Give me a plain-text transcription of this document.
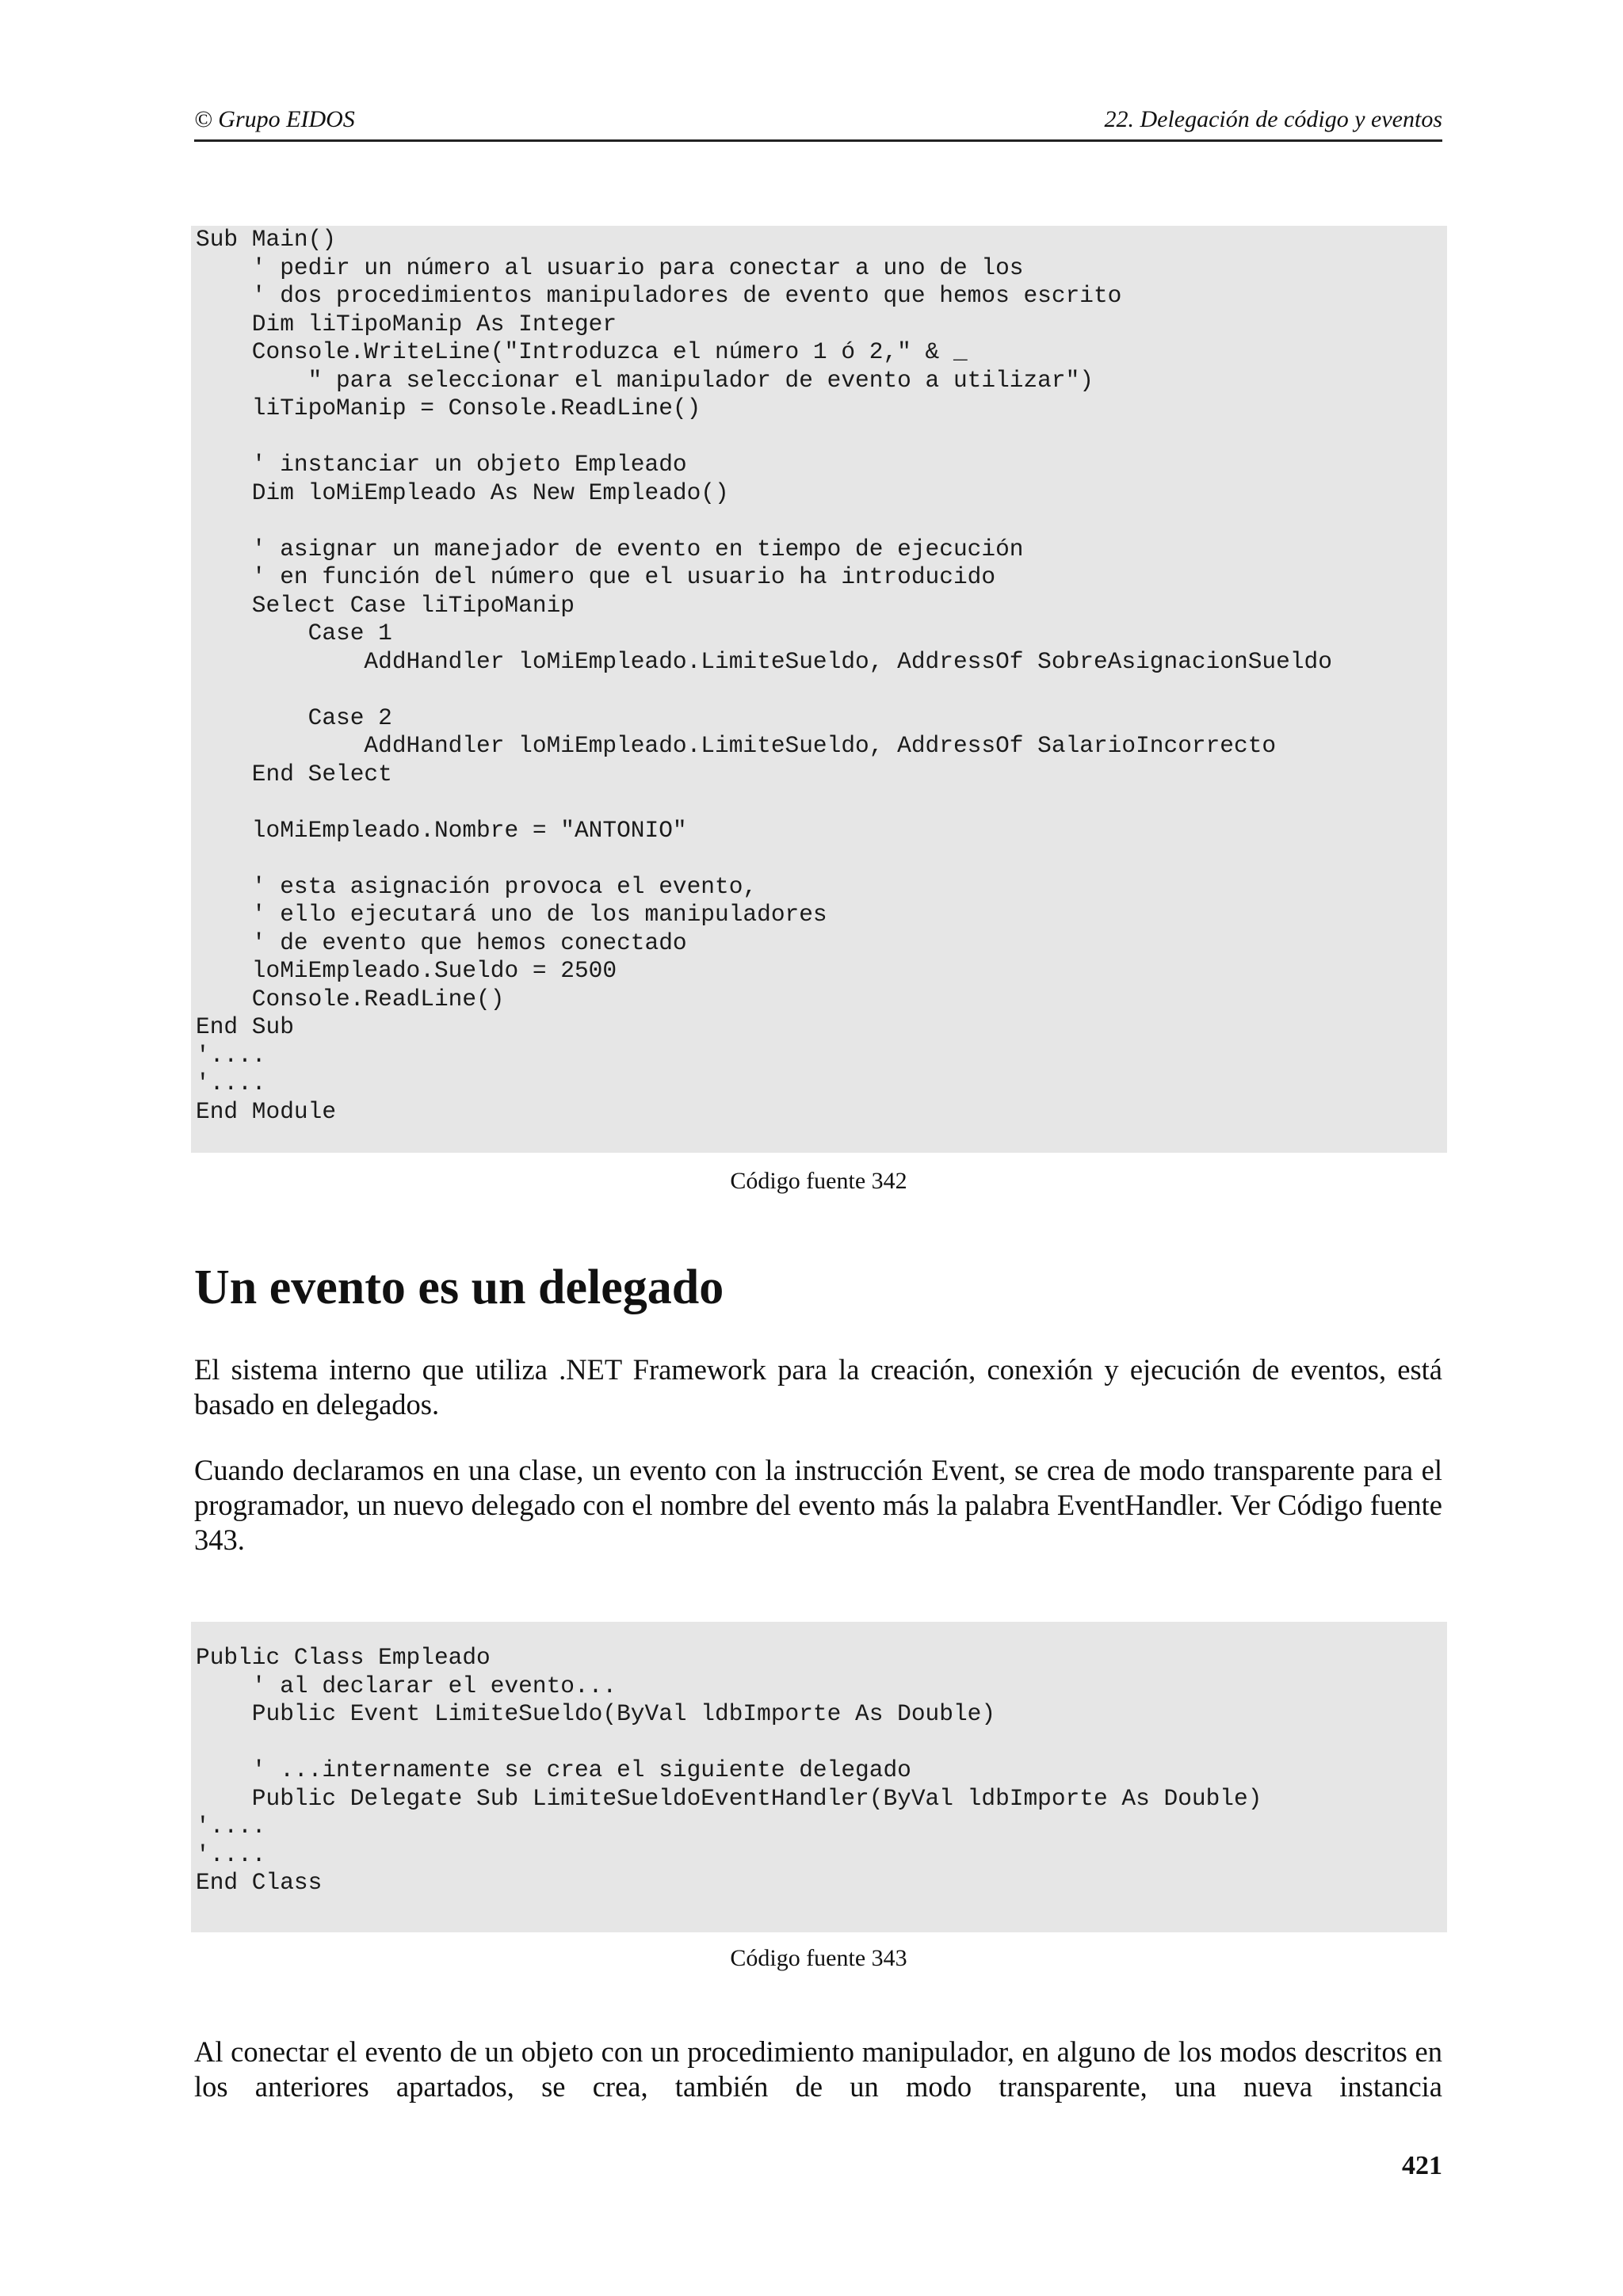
© Grupo EIDOS	22. Delegación de código y eventos
Sub Main()
' pedir un número al usuario para conectar a uno de los
' dos procedimientos manipuladores de evento que hemos escrito
Dim liTipoManip As Integer
Console.WriteLine("Introduzca el número 1 ó 2," & _
" para seleccionar el manipulador de evento a utilizar")
liTipoManip = Console.ReadLine()
' instanciar un objeto Empleado
Dim loMiEmpleado As New Empleado()
' asignar un manejador de evento en tiempo de ejecución
' en función del número que el usuario ha introducido
Select Case liTipoManip
Case 1
AddHandler loMiEmpleado.LimiteSueldo, AddressOf SobreAsignacionSueldo
Case 2
AddHandler loMiEmpleado.LimiteSueldo, AddressOf SalarioIncorrecto
End Select
loMiEmpleado.Nombre = "ANTONIO"
' esta asignación provoca el evento,
' ello ejecutará uno de los manipuladores
' de evento que hemos conectado
loMiEmpleado.Sueldo = 2500
Console.ReadLine()
End Sub
'....
'....
End Module
Código fuente 342
Un evento es un delegado

El sistema interno que utiliza .NET Framework para la creación, conexión y ejecución de eventos, está basado en delegados.

Cuando declaramos en una clase, un evento con la instrucción Event, se crea de modo transparente para el programador, un nuevo delegado con el nombre del evento más la palabra EventHandler. Ver Código fuente 343.

Public Class Empleado
' al declarar el evento...
Public Event LimiteSueldo(ByVal ldbImporte As Double)
' ...internamente se crea el siguiente delegado
Public Delegate Sub LimiteSueldoEventHandler(ByVal ldbImporte As Double)
'....
'....
End Class
Código fuente 343

Al conectar el evento de un objeto con un procedimiento manipulador, en alguno de los modos descritos en los anteriores apartados, se crea, también de un modo transparente, una nueva instancia

421
